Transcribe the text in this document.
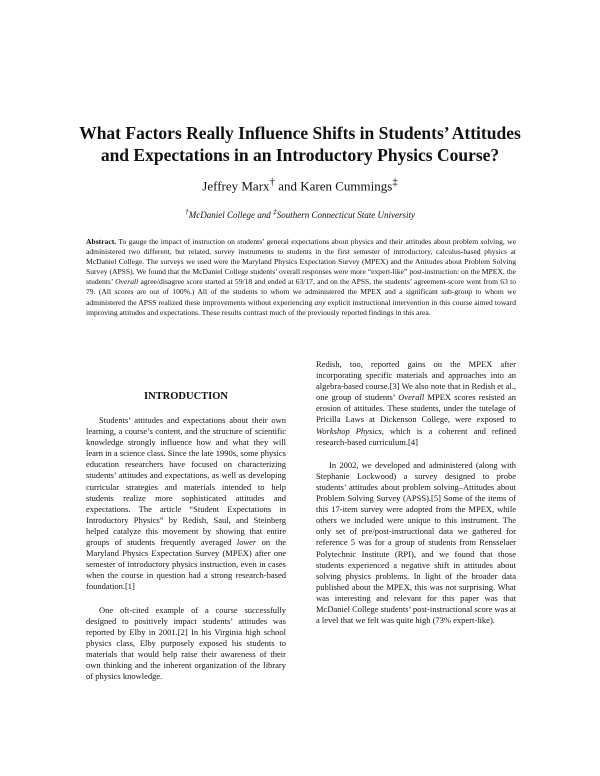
What Factors Really Influence Shifts in Students’ Attitudes
and Expectations in an Introductory Physics Course?

Jeffrey Marx† and Karen Cummings‡

†McDaniel College and ‡Southern Connecticut State University

Abstract. To gauge the impact of instruction on students’ general expectations about physics and their attitudes about problem solving, we administered two different, but related, survey instruments to students in the first semester of introductory, calculus-based physics at McDaniel College. The surveys we used were the Maryland Physics Expectation Survey (MPEX) and the Attitudes about Problem Solving Survey (APSS). We found that the McDaniel College students’ overall responses were more “expert-like” post-instruction: on the MPEX, the students’ Overall agree/disagree score started at 59/18 and ended at 63/17, and on the APSS, the students’ agreement-score went from 63 to 79. (All scores are out of 100%.) All of the students to whom we administered the MPEX and a significant sub-group to whom we administered the APSS realized these improvements without experiencing any explicit instructional intervention in this course aimed toward improving attitudes and expectations. These results contrast much of the previously reported findings in this area.

INTRODUCTION

Students’ attitudes and expectations about their own learning, a course’s content, and the structure of scientific knowledge strongly influence how and what they will learn in a science class. Since the late 1990s, some physics education researchers have focused on characterizing students’ attitudes and expectations, as well as developing curricular strategies and materials intended to help students realize more sophisticated attitudes and expectations. The article “Student Expectations in Introductory Physics” by Redish, Saul, and Steinberg helped catalyze this movement by showing that entire groups of students frequently averaged lower on the Maryland Physics Expectation Survey (MPEX) after one semester of introductory physics instruction, even in cases when the course in question had a strong research-based foundation.[1]

One oft-cited example of a course successfully designed to positively impact students’ attitudes was reported by Elby in 2001.[2] In his Virginia high school physics class, Elby purposely exposed his students to materials that would help raise their awareness of their own thinking and the inherent organization of the library of physics knowledge.

Redish, too, reported gains on the MPEX after incorporating specific materials and approaches into an algebra-based course.[3] We also note that in Redish et al., one group of students’ Overall MPEX scores resisted an erosion of attitudes. These students, under the tutelage of Pricilla Laws at Dickenson College, were exposed to Workshop Physics, which is a coherent and refined research-based curriculum.[4]

In 2002, we developed and administered (along with Stephanie Lockwood) a survey designed to probe students’ attitudes about problem solving–Attitudes about Problem Solving Survey (APSS).[5] Some of the items of this 17-item survey were adopted from the MPEX, while others we included were unique to this instrument. The only set of pre/post-instructional data we gathered for reference 5 was for a group of students from Rensselaer Polytechnic Institute (RPI), and we found that those students experienced a negative shift in attitudes about solving physics problems. In light of the broader data published about the MPEX, this was not surprising. What was interesting and relevant for this paper was that McDaniel College students’ post-instructional score was at a level that we felt was quite high (73% expert-like).
